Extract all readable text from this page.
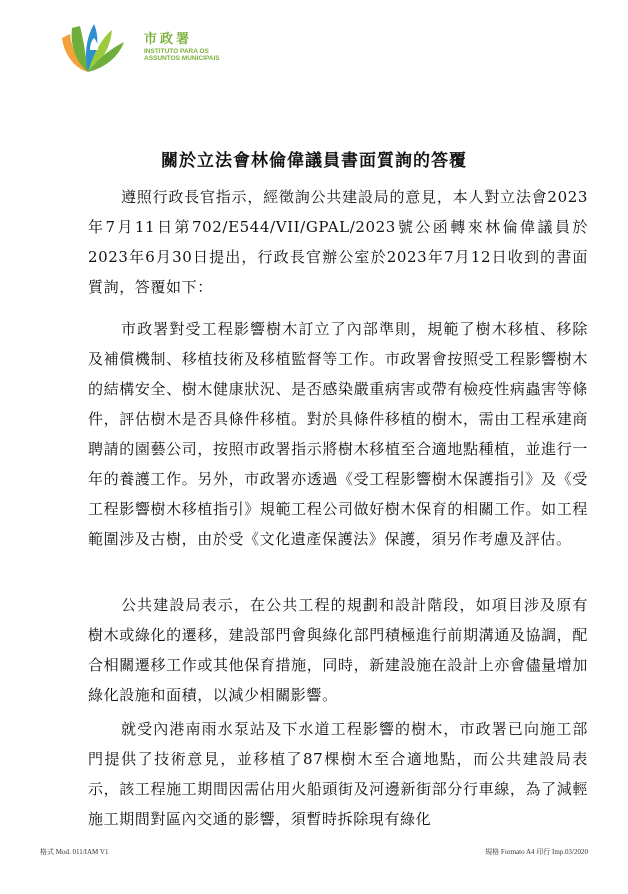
市政署
INSTITUTO PARA OS
ASSUNTOS MUNICIPAIS
關於立法會林倫偉議員書面質詢的答覆
遵照行政長官指示，經徵詢公共建設局的意見，本人對立法會2023年7月11日第702/E544/VII/GPAL/2023號公函轉來林倫偉議員於2023年6月30日提出，行政長官辦公室於2023年7月12日收到的書面質詢，答覆如下：
市政署對受工程影響樹木訂立了內部準則，規範了樹木移植、移除及補償機制、移植技術及移植監督等工作。市政署會按照受工程影響樹木的結構安全、樹木健康狀況、是否感染嚴重病害或帶有檢疫性病蟲害等條件，評估樹木是否具條件移植。對於具條件移植的樹木，需由工程承建商聘請的園藝公司，按照市政署指示將樹木移植至合適地點種植，並進行一年的養護工作。另外，市政署亦透過《受工程影響樹木保護指引》及《受工程影響樹木移植指引》規範工程公司做好樹木保育的相關工作。如工程範圍涉及古樹，由於受《文化遺產保護法》保護，須另作考慮及評估。
公共建設局表示，在公共工程的規劃和設計階段，如項目涉及原有樹木或綠化的遷移，建設部門會與綠化部門積極進行前期溝通及協調，配合相關遷移工作或其他保育措施，同時，新建設施在設計上亦會儘量增加綠化設施和面積，以減少相關影響。
就受內港南雨水泵站及下水道工程影響的樹木，市政署已向施工部門提供了技術意見，並移植了87棵樹木至合適地點，而公共建設局表示，該工程施工期間因需佔用火船頭街及河邊新街部分行車線，為了減輕施工期間對區內交通的影響，須暫時拆除現有綠化
格式 Mod. 011/IAM V1	規格 Formato A4 印行 Imp.03/2020
